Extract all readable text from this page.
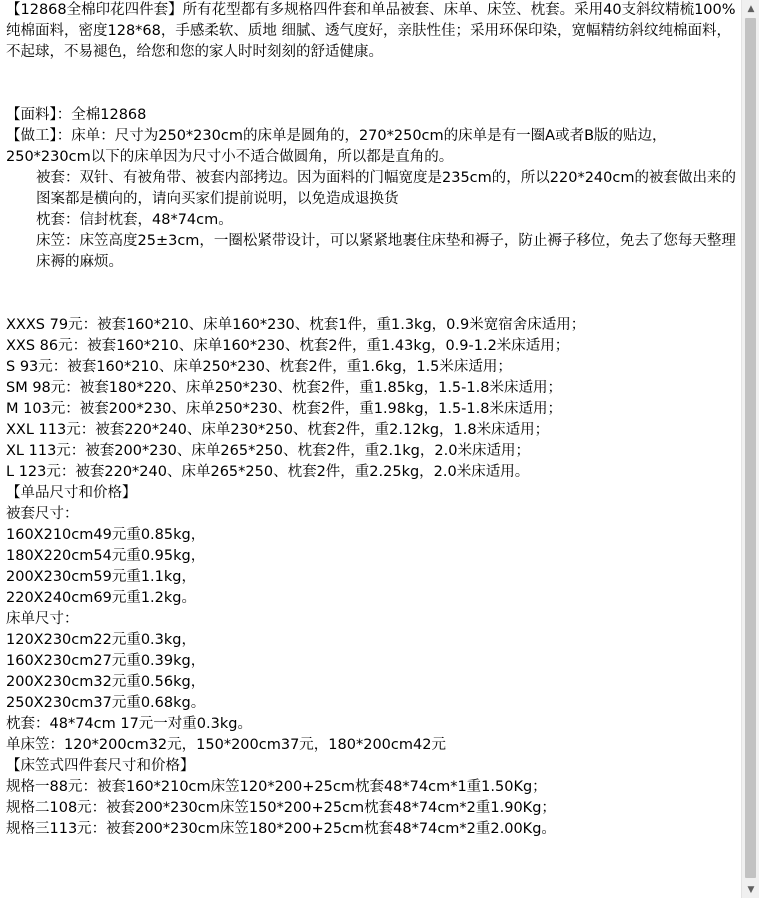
【12868全棉印花四件套】所有花型都有多规格四件套和单品被套、床单、床笠、枕套。采用40支斜纹精梳100%纯棉面料，密度128*68，手感柔软、质地 细腻、透气度好，亲肤性佳；采用环保印染，宽幅精纺斜纹纯棉面料，不起球，不易褪色，给您和您的家人时时刻刻的舒适健康。
【面料】：全棉12868
【做工】：床单：尺寸为250*230cm的床单是圆角的，270*250cm的床单是有一圈A或者B版的贴边，250*230cm以下的床单因为尺寸小不适合做圆角，所以都是直角的。
被套：双针、有被角带、被套内部拷边。因为面料的门幅宽度是235cm的，所以220*240cm的被套做出来的图案都是横向的，请向买家们提前说明，以免造成退换货
枕套：信封枕套，48*74cm。
床笠：床笠高度25±3cm，一圈松紧带设计，可以紧紧地裹住床垫和褥子，防止褥子移位，免去了您每天整理床褥的麻烦。
XXXS 79元：被套160*210、床单160*230、枕套1件，重1.3kg，0.9米宽宿舍床适用；
XXS 86元：被套160*210、床单160*230、枕套2件，重1.43kg，0.9-1.2米床适用；
S 93元：被套160*210、床单250*230、枕套2件，重1.6kg，1.5米床适用；
SM 98元：被套180*220、床单250*230、枕套2件，重1.85kg，1.5-1.8米床适用；
M 103元：被套200*230、床单250*230、枕套2件，重1.98kg，1.5-1.8米床适用；
XXL 113元：被套220*240、床单230*250、枕套2件，重2.12kg，1.8米床适用；
XL 113元：被套200*230、床单265*250、枕套2件，重2.1kg，2.0米床适用；
L 123元：被套220*240、床单265*250、枕套2件，重2.25kg，2.0米床适用。
【单品尺寸和价格】
被套尺寸：
160X210cm49元重0.85kg，
180X220cm54元重0.95kg，
200X230cm59元重1.1kg，
220X240cm69元重1.2kg。
床单尺寸：
120X230cm22元重0.3kg，
160X230cm27元重0.39kg，
200X230cm32元重0.56kg，
250X230cm37元重0.68kg。
枕套：48*74cm 17元一对重0.3kg。
单床笠：120*200cm32元，150*200cm37元，180*200cm42元
【床笠式四件套尺寸和价格】
规格一88元：被套160*210cm床笠120*200+25cm枕套48*74cm*1重1.50Kg；
规格二108元：被套200*230cm床笠150*200+25cm枕套48*74cm*2重1.90Kg；
规格三113元：被套200*230cm床笠180*200+25cm枕套48*74cm*2重2.00Kg。
▲
▼
